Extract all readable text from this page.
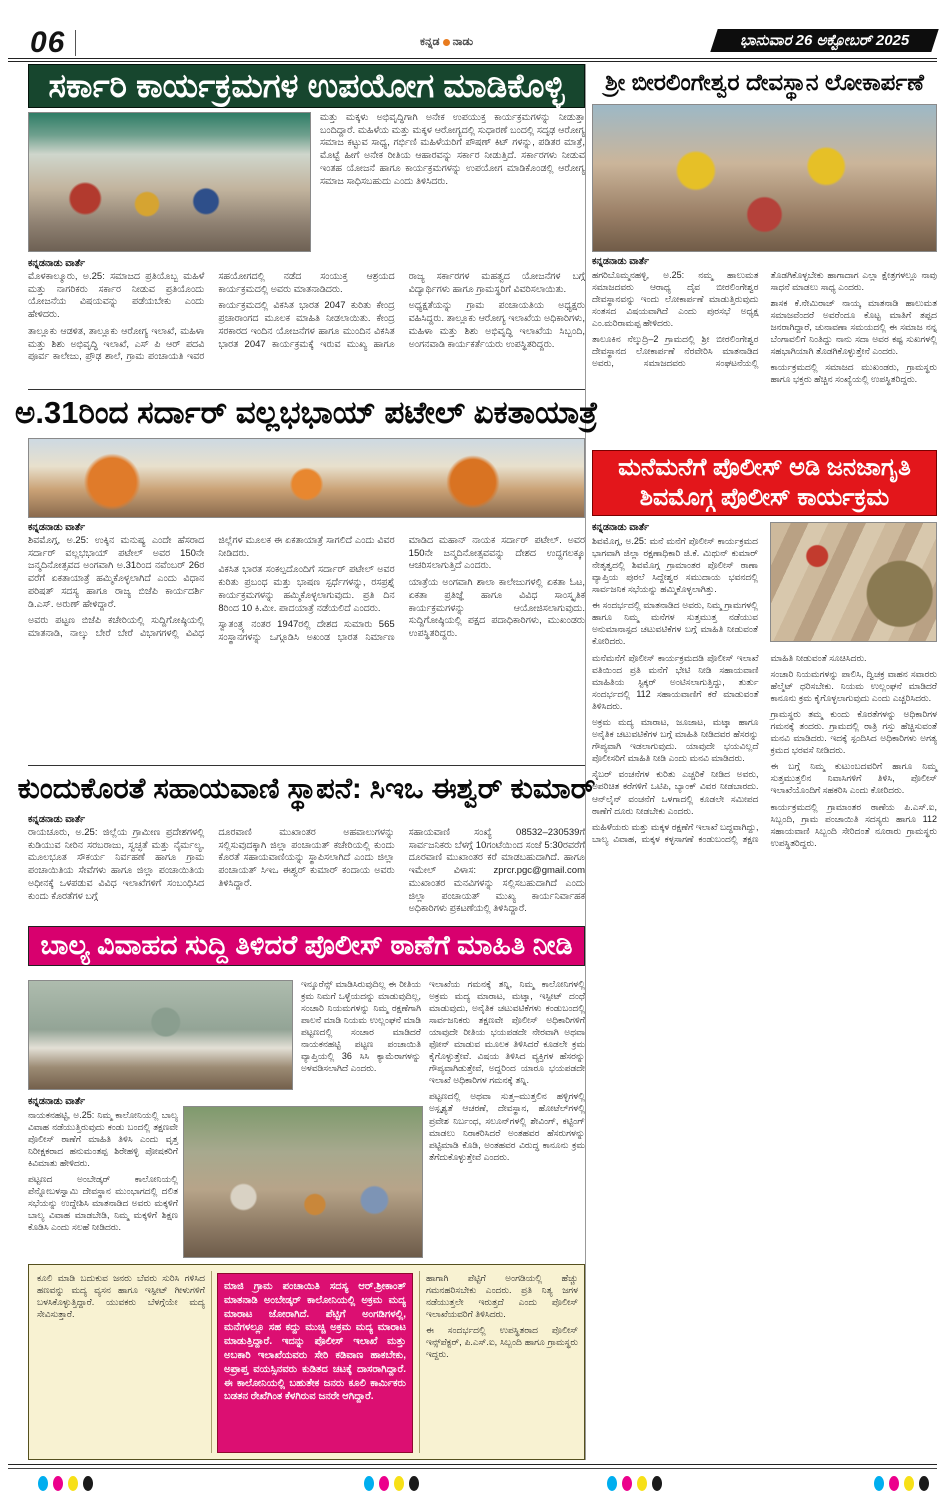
06	ಕನ್ನಡ ನಾಡು	ಭಾನುವಾರ 26 ಅಕ್ಟೋಬರ್ 2025
ಸರ್ಕಾರಿ ಕಾರ್ಯಕ್ರಮಗಳ ಉಪಯೋಗ ಮಾಡಿಕೊಳ್ಳಿ

ಮತ್ತು ಮಕ್ಕಳು ಅಭಿವೃದ್ಧಿಗಾಗಿ ಅನೇಕ ಉಪಯುಕ್ತ ಕಾರ್ಯಕ್ರಮಗಳನ್ನು ನೀಡುತ್ತಾ ಬಂದಿದ್ದಾರೆ. ಮಹಿಳೆಯ ಮತ್ತು ಮಕ್ಕಳ ಆರೋಗ್ಯದಲ್ಲಿ ಸುಧಾರಣೆ ಬಂದಲ್ಲಿ ಸದೃಢ ಆರೋಗ್ಯ ಸಮಾಜ ಕಟ್ಟುವ ಸಾಧ್ಯ, ಗರ್ಭಿಣಿ ಮಹಿಳೆಯರಿಗೆ ಪೌಷಣ್ ಕಿಟ್ ಗಳನ್ನು, ಪಡಿತರ ಮಾತ್ರೆ, ಮೊಟ್ಟೆ ಹೀಗೆ ಅನೇಕ ರೀತಿಯ ಆಹಾರವನ್ನು ಸರ್ಕಾರ ನೀಡುತ್ತಿದೆ. ಸರ್ಕಾರಗಳು ನೀಡುವ ಇಂತಹ ಯೋಜನೆ ಹಾಗೂ ಕಾರ್ಯಕ್ರಮಗಳನ್ನು ಉಪಯೋಗ ಮಾಡಿಕೊಂಡಲ್ಲಿ ಆರೋಗ್ಯ ಸಮಾಜ ಸಾಧಿಸಬಹುದು ಎಂದು ತಿಳಿಸಿದರು.

ಕನ್ನಡನಾಡು ವಾರ್ತೆ

ಮೊಳಕಾಲ್ಮೂರು, ಅ.25: ಸಮಾಜದ ಪ್ರತಿಯೊಬ್ಬ ಮಹಿಳೆ ಮತ್ತು ನಾಗರಿಕರು ಸರ್ಕಾರ ನೀಡುವ ಪ್ರತಿಯೊಂದು ಯೋಜನೆಯ ವಿಷಯವನ್ನು ಪಡೆಯಬೇಕು ಎಂದು ಹೇಳಿದರು.

ತಾಲ್ಲೂಕು ಆಡಳಿತ, ತಾಲ್ಲೂಕು ಆರೋಗ್ಯ ಇಲಾಖೆ, ಮಹಿಳಾ ಮತ್ತು ಶಿಶು ಅಭಿವೃದ್ಧಿ ಇಲಾಖೆ, ಎಸ್ ಪಿ ಆರ್ ಪದವಿ ಪೂರ್ವ ಕಾಲೇಜು, ಪ್ರೌಢ ಶಾಲೆ, ಗ್ರಾಮ ಪಂಚಾಯತಿ ಇವರ ಸಹಯೋಗದಲ್ಲಿ ನಡೆದ ಸಂಯುಕ್ತ ಆಶ್ರಯದ ಕಾರ್ಯಕ್ರಮದಲ್ಲಿ ಅವರು ಮಾತನಾಡಿದರು.

ಕಾರ್ಯಕ್ರಮದಲ್ಲಿ ವಿಕಸಿತ ಭಾರತ 2047 ಕುರಿತು ಕೇಂದ್ರ ಪ್ರಚಾರಾಂಗದ ಮೂಲಕ ಮಾಹಿತಿ ನೀಡಲಾಯಿತು. ಕೇಂದ್ರ ಸರಕಾರದ ಇಂದಿನ ಯೋಜನೆಗಳ ಹಾಗೂ ಮುಂದಿನ ವಿಕಸಿತ ಭಾರತ 2047 ಕಾರ್ಯಕ್ರಮಕ್ಕೆ ಇರುವ ಮುಖ್ಯ ಹಾಗೂ ರಾಜ್ಯ ಸರ್ಕಾರಗಳ ಮಹತ್ವದ ಯೋಜನೆಗಳ ಬಗ್ಗೆ ವಿದ್ಯಾರ್ಥಿಗಳು ಹಾಗೂ ಗ್ರಾಮಸ್ಥರಿಗೆ ವಿವರಿಸಲಾಯಿತು.

ಅಧ್ಯಕ್ಷತೆಯನ್ನು ಗ್ರಾಮ ಪಂಚಾಯತಿಯ ಅಧ್ಯಕ್ಷರು ವಹಿಸಿದ್ದರು. ತಾಲ್ಲೂಕು ಆರೋಗ್ಯ ಇಲಾಖೆಯ ಅಧಿಕಾರಿಗಳು, ಮಹಿಳಾ ಮತ್ತು ಶಿಶು ಅಭಿವೃದ್ಧಿ ಇಲಾಖೆಯ ಸಿಬ್ಬಂದಿ, ಅಂಗನವಾಡಿ ಕಾರ್ಯಕರ್ತೆಯರು ಉಪಸ್ಥಿತರಿದ್ದರು.

ಅ.31ರಿಂದ ಸರ್ದಾರ್ ವಲ್ಲಭಭಾಯ್ ಪಟೇಲ್ ಏಕತಾಯಾತ್ರೆ
ಕನ್ನಡನಾಡು ವಾರ್ತೆ

ಶಿವಮೊಗ್ಗ, ಅ.25: ಉಕ್ಕಿನ ಮನುಷ್ಯ ಎಂದೇ ಹೆಸರಾದ ಸರ್ದಾರ್ ವಲ್ಲಭಭಾಯ್ ಪಟೇಲ್ ಅವರ 150ನೇ ಜನ್ಮದಿನೋತ್ಸವದ ಅಂಗವಾಗಿ ಅ.31ರಿಂದ ನವೆಂಬರ್ 26ರ ವರೆಗೆ ಏಕತಾಯಾತ್ರೆ ಹಮ್ಮಿಕೊಳ್ಳಲಾಗಿದೆ ಎಂದು ವಿಧಾನ ಪರಿಷತ್ ಸದಸ್ಯ ಹಾಗೂ ರಾಜ್ಯ ಬಿಜೆಪಿ ಕಾರ್ಯದರ್ಶಿ ಡಿ.ಎಸ್. ಅರುಣ್ ಹೇಳಿದ್ದಾರೆ.

ಅವರು ಪಟ್ಟಣ ಬಿಜೆಪಿ ಕಚೇರಿಯಲ್ಲಿ ಸುದ್ದಿಗೋಷ್ಠಿಯಲ್ಲಿ ಮಾತನಾಡಿ, ನಾಲ್ಕು ಬೇರೆ ಬೇರೆ ವಿಭಾಗಗಳಲ್ಲಿ ವಿವಿಧ ಜಿಲ್ಲೆಗಳ ಮೂಲಕ ಈ ಏಕತಾಯಾತ್ರೆ ಸಾಗಲಿದೆ ಎಂದು ವಿವರ ನೀಡಿದರು.

ವಿಕಸಿತ ಭಾರತ ಸಂಕಲ್ಪದೊಂದಿಗೆ ಸರ್ದಾರ್ ಪಟೇಲ್ ಅವರ ಕುರಿತು ಪ್ರಬಂಧ ಮತ್ತು ಭಾಷಣ ಸ್ಪರ್ಧೆಗಳನ್ನು, ರಸಪ್ರಶ್ನೆ ಕಾರ್ಯಕ್ರಮಗಳನ್ನು ಹಮ್ಮಿಕೊಳ್ಳಲಾಗುವುದು. ಪ್ರತಿ ದಿನ 8ರಿಂದ 10 ಕಿ.ಮೀ. ಪಾದಯಾತ್ರೆ ನಡೆಯಲಿದೆ ಎಂದರು.

ಸ್ವಾತಂತ್ರ್ಯ ನಂತರ 1947ರಲ್ಲಿ ದೇಶದ ಸುಮಾರು 565 ಸಂಸ್ಥಾನಗಳನ್ನು ಒಗ್ಗೂಡಿಸಿ ಅಖಂಡ ಭಾರತ ನಿರ್ಮಾಣ ಮಾಡಿದ ಮಹಾನ್ ನಾಯಕ ಸರ್ದಾರ್ ಪಟೇಲ್. ಅವರ 150ನೇ ಜನ್ಮದಿನೋತ್ಸವವನ್ನು ದೇಶದ ಉದ್ದಗಲಕ್ಕೂ ಆಚರಿಸಲಾಗುತ್ತಿದೆ ಎಂದರು.

ಯಾತ್ರೆಯ ಅಂಗವಾಗಿ ಶಾಲಾ ಕಾಲೇಜುಗಳಲ್ಲಿ ಏಕತಾ ಓಟ, ಏಕತಾ ಪ್ರತಿಜ್ಞೆ ಹಾಗೂ ವಿವಿಧ ಸಾಂಸ್ಕೃತಿಕ ಕಾರ್ಯಕ್ರಮಗಳನ್ನು ಆಯೋಜಿಸಲಾಗುವುದು. ಸುದ್ದಿಗೋಷ್ಠಿಯಲ್ಲಿ ಪಕ್ಷದ ಪದಾಧಿಕಾರಿಗಳು, ಮುಖಂಡರು ಉಪಸ್ಥಿತರಿದ್ದರು.

ಕುಂದುಕೊರತೆ ಸಹಾಯವಾಣಿ ಸ್ಥಾಪನೆ: ಸಿಇಒ ಈಶ್ವರ್ ಕುಮಾರ್
ಕನ್ನಡನಾಡು ವಾರ್ತೆ

ರಾಯಚೂರು, ಅ.25: ಜಿಲ್ಲೆಯ ಗ್ರಾಮೀಣ ಪ್ರದೇಶಗಳಲ್ಲಿ ಕುಡಿಯುವ ನೀರಿನ ಸರಬರಾಜು, ಸ್ವಚ್ಛತೆ ಮತ್ತು ನೈರ್ಮಲ್ಯ, ಮೂಲಭೂತ ಸೌಕರ್ಯ ನಿರ್ವಹಣೆ ಹಾಗೂ ಗ್ರಾಮ ಪಂಚಾಯಿತಿಯ ಸೇವೆಗಳು ಹಾಗೂ ಜಿಲ್ಲಾ ಪಂಚಾಯಿತಿಯ ಅಧೀನಕ್ಕೆ ಒಳಪಡುವ ವಿವಿಧ ಇಲಾಖೆಗಳಿಗೆ ಸಂಬಂಧಿಸಿದ ಕುಂದು ಕೊರತೆಗಳ ಬಗ್ಗೆ

ದೂರವಾಣಿ ಮುಖಾಂತರ ಅಹವಾಲುಗಳನ್ನು ಸಲ್ಲಿಸುವುದಕ್ಕಾಗಿ ಜಿಲ್ಲಾ ಪಂಚಾಯತ್ ಕಚೇರಿಯಲ್ಲಿ ಕುಂದು ಕೊರತೆ ಸಹಾಯವಾಣಿಯನ್ನು ಸ್ಥಾಪಿಸಲಾಗಿದೆ ಎಂದು ಜಿಲ್ಲಾ ಪಂಚಾಯತ್ ಸಿಇಒ ಈಶ್ವರ್ ಕುಮಾರ್ ಕಂದಾಯ ಅವರು ತಿಳಿಸಿದ್ದಾರೆ.

ಸಹಾಯವಾಣಿ ಸಂಖ್ಯೆ 08532–230539ಗೆ ಸಾರ್ವಜನಿಕರು ಬೆಳಗ್ಗೆ 10ಗಂಟೆಯಿಂದ ಸಂಜೆ 5:30ರವರೆಗೆ ದೂರವಾಣಿ ಮುಖಾಂತರ ಕರೆ ಮಾಡಬಹುದಾಗಿದೆ. ಹಾಗೂ ಇಮೇಲ್ ವಿಳಾಸ: zprcr.pgc@gmail.com ಮುಖಾಂತರ ಮನವಿಗಳನ್ನು ಸಲ್ಲಿಸಬಹುದಾಗಿದೆ ಎಂದು ಜಿಲ್ಲಾ ಪಂಚಾಯತ್ ಮುಖ್ಯ ಕಾರ್ಯನಿರ್ವಾಹಕ ಅಧಿಕಾರಿಗಳು ಪ್ರಕಟಣೆಯಲ್ಲಿ ತಿಳಿಸಿದ್ದಾರೆ.

ಬಾಲ್ಯ ವಿವಾಹದ ಸುದ್ದಿ ತಿಳಿದರೆ ಪೊಲೀಸ್ ಠಾಣೆಗೆ ಮಾಹಿತಿ ನೀಡಿ

ಇನ್ಶೂರೆನ್ಸ್ ಮಾಡಿಸಿರುವುದಿಲ್ಲ ಈ ರೀತಿಯ ಕ್ರಮ ನಿಮಗೆ ಒಳ್ಳೆಯದನ್ನು ಮಾಡುವುದಿಲ್ಲ, ಸಂಚಾರಿ ನಿಯಮಗಳನ್ನು ನಿಮ್ಮ ರಕ್ಷಣೆಗಾಗಿ ಪಾಲನೆ ಮಾಡಿ ನಿಯಮ ಉಲ್ಲಂಘನೆ ಮಾಡಿ ಪಟ್ಟಣದಲ್ಲಿ ಸಂಚಾರ ಮಾಡಿದರೆ ನಾಯಕನಹಟ್ಟಿ ಪಟ್ಟಣ ಪಂಚಾಯಿತಿ ವ್ಯಾಪ್ತಿಯಲ್ಲಿ 36 ಸಿಸಿ ಕ್ಯಾಮೆರಾಗಳನ್ನು ಅಳವಡಿಸಲಾಗಿದೆ ಎಂದರು.

ಇಲಾಖೆಯ ಗಮನಕ್ಕೆ ತನ್ನಿ, ನಿಮ್ಮ ಕಾಲೋನಿಗಳಲ್ಲಿ ಅಕ್ರಮ ಮದ್ಯ ಮಾರಾಟ, ಮಟ್ಕಾ, ಇಸ್ಪೀಟ್ ದಂಧೆ ಮಾಡುವುದು, ಅನೈತಿಕ ಚಟುವಟಿಕೆಗಳು ಕಂಡುಬಂದಲ್ಲಿ ಸಾರ್ವಜನಿಕರು ತಕ್ಷಣವೇ ಪೊಲೀಸ್ ಅಧಿಕಾರಿಗಳಿಗೆ ಯಾವುದೇ ರೀತಿಯ ಭಯಪಡದೇ ನೇರವಾಗಿ ಅಥವಾ ಫೋನ್ ಮಾಡುವ ಮೂಲಕ ತಿಳಿಸಿದರೆ ಕೂಡಲೇ ಕ್ರಮ ಕೈಗೊಳ್ಳುತ್ತೇವೆ. ವಿಷಯ ತಿಳಿಸಿದ ವ್ಯಕ್ತಿಗಳ ಹೆಸರನ್ನು ಗೌಪ್ಯವಾಗಿಡುತ್ತೇವೆ, ಅದ್ದರಿಂದ ಯಾರೂ ಭಯಪಡದೇ ಇಲಾಖೆ ಅಧಿಕಾರಿಗಳ ಗಮನಕ್ಕೆ ತನ್ನಿ.

ಪಟ್ಟಣದಲ್ಲಿ ಅಥವಾ ಸುತ್ತ–ಮುತ್ತಲಿನ ಹಳ್ಳಿಗಳಲ್ಲಿ ಅಸ್ಪೃಶ್ಯತೆ ಆಚರಣೆ, ದೇವಸ್ಥಾನ, ಹೋಟೆಲ್‌ಗಳಲ್ಲಿ ಪ್ರವೇಶ ನಿರ್ಬಂಧ, ಸಲೂನ್‌ಗಳಲ್ಲಿ ಶೇವಿಂಗ್, ಕಟ್ಟಿಂಗ್ ಮಾಡಲು ನಿರಾಕರಿಸಿದರೆ ಅಂತಹವರ ಹೆಸರುಗಳನ್ನು ಪಟ್ಟಿಮಾಡಿ ಕೊಡಿ, ಅಂತಹವರ ವಿರುದ್ಧ ಕಾನೂನು ಕ್ರಮ ತೆಗೆದುಕೊಳ್ಳುತ್ತೇವೆ ಎಂದರು.

ಕನ್ನಡನಾಡು ವಾರ್ತೆ

ನಾಯಕನಹಟ್ಟಿ, ಅ.25: ನಿಮ್ಮ ಕಾಲೋನಿಯಲ್ಲಿ ಬಾಲ್ಯ ವಿವಾಹ ನಡೆಯುತ್ತಿರುವುದು ಕಂಡು ಬಂದಲ್ಲಿ ತಕ್ಷಣವೇ ಪೊಲೀಸ್ ಠಾಣೆಗೆ ಮಾಹಿತಿ ತಿಳಿಸಿ ಎಂದು ವೃತ್ತ ನಿರೀಕ್ಷಕರಾದ ಹನುಮಂತಪ್ಪ ಶಿರೇಹಳ್ಳಿ ಪೋಷಕರಿಗೆ ಕಿವಿಮಾತು ಹೇಳಿದರು.

ಪಟ್ಟಣದ ಅಂಬೇಡ್ಕರ್ ಕಾಲೋನಿಯಲ್ಲಿ ಪೆನ್ನೋಬಳಸ್ವಾಮಿ ದೇವಸ್ಥಾನ ಮುಂಭಾಗದಲ್ಲಿ ದಲಿತ ಸಭೆಯನ್ನು ಉದ್ದೇಶಿಸಿ ಮಾತನಾಡಿದ ಅವರು ಮಕ್ಕಳಿಗೆ ಬಾಲ್ಯ ವಿವಾಹ ಮಾಡಬೇಡಿ, ನಿಮ್ಮ ಮಕ್ಕಳಿಗೆ ಶಿಕ್ಷಣ ಕೊಡಿಸಿ ಎಂದು ಸಲಹೆ ನೀಡಿದರು.

ಕೂಲಿ ಮಾಡಿ ಬದುಕುವ ಜನರು ಬೆವರು ಸುರಿಸಿ ಗಳಿಸಿದ ಹಣವನ್ನು ಮದ್ಯ ವ್ಯಸನ ಹಾಗೂ ಇಸ್ಪೀಟ್ ಗೀಳುಗಳಿಗೆ ಬಳಸಿಕೊಳ್ಳುತ್ತಿದ್ದಾರೆ. ಯುವಕರು ಬೆಳಗ್ಗೆಯೇ ಮದ್ಯ ಸೇವಿಸುತ್ತಾರೆ.

ಮಾಜಿ ಗ್ರಾಮ ಪಂಚಾಯಿತಿ ಸದಸ್ಯ ಆರ್.ಶ್ರೀಕಾಂತ್ ಮಾತನಾಡಿ ಅಂಬೇಡ್ಕರ್ ಕಾಲೋನಿಯಲ್ಲಿ ಅಕ್ರಮ ಮದ್ಯ ಮಾರಾಟ ಜೋರಾಗಿದೆ. ಪೆಟ್ಟಿಗೆ ಅಂಗಡಿಗಳಲ್ಲಿ, ಮನೆಗಳಲ್ಲೂ ಸಹ ಕದ್ದು ಮುಚ್ಚಿ ಅಕ್ರಮ ಮದ್ಯ ಮಾರಾಟ ಮಾಡುತ್ತಿದ್ದಾರೆ. ಇದನ್ನು ಪೊಲೀಸ್ ಇಲಾಖೆ ಮತ್ತು ಅಬಕಾರಿ ಇಲಾಖೆಯವರು ಸೇರಿ ಕಡಿವಾಣ ಹಾಕಬೇಕು, ಅಪ್ರಾಪ್ತ ವಯಸ್ಸಿನವರು ಕುಡಿತದ ಚಟಕ್ಕೆ ದಾಸರಾಗಿದ್ದಾರೆ. ಈ ಕಾಲೋನಿಯಲ್ಲಿ ಬಹುತೇಕ ಜನರು ಕೂಲಿ ಕಾರ್ಮಿಕರು ಬಡತನ ರೇಖೆಗಿಂತ ಕೆಳಗಿರುವ ಜನರೇ ಆಗಿದ್ದಾರೆ.

ಹಾಗಾಗಿ ಪೆಟ್ಟಿಗೆ ಅಂಗಡಿಯಲ್ಲಿ ಹೆಚ್ಚು ಗಮನಹರಿಸಬೇಕು ಎಂದರು. ಪ್ರತಿ ನಿತ್ಯ ಜಗಳ ನಡೆಯುತ್ತಲೇ ಇರುತ್ತದೆ ಎಂದು ಪೊಲೀಸ್ ಇಲಾಖೆಯವರಿಗೆ ತಿಳಿಸಿದರು.

ಈ ಸಂದರ್ಭದಲ್ಲಿ ಉಪಸ್ಥಿತರಾದ ಪೊಲೀಸ್ ಇನ್ಸ್‌ಪೆಕ್ಟರ್, ಪಿ.ಎಸ್.ಐ, ಸಿಬ್ಬಂದಿ ಹಾಗೂ ಗ್ರಾಮಸ್ಥರು ಇದ್ದರು.

ಶ್ರೀ ಬೀರಲಿಂಗೇಶ್ವರ ದೇವಸ್ಥಾನ ಲೋಕಾರ್ಪಣೆ
ಕನ್ನಡನಾಡು ವಾರ್ತೆ

ಹಗರಿಬೊಮ್ಮನಹಳ್ಳಿ, ಅ.25: ನಮ್ಮ ಹಾಲುಮತ ಸಮಾಜದವರು ಆರಾಧ್ಯ ದೈವ ಬೀರಲಿಂಗೇಶ್ವರ ದೇವಸ್ಥಾನವನ್ನು ಇಂದು ಲೋಕಾರ್ಪಣೆ ಮಾಡುತ್ತಿರುವುದು ಸಂತಸದ ವಿಷಯವಾಗಿದೆ ಎಂದು ಪುರಸಭೆ ಅಧ್ಯಕ್ಷ ಎಂ.ಮರಿರಾಮಪ್ಪ ಹೇಳಿದರು.

ತಾಲೂಕಿನ ನೆಲ್ಕುದ್ರಿ–2 ಗ್ರಾಮದಲ್ಲಿ ಶ್ರೀ ಬೀರಲಿಂಗೇಶ್ವರ ದೇವಸ್ಥಾನದ ಲೋಕಾರ್ಪಣೆ ನೆರವೇರಿಸಿ ಮಾತನಾಡಿದ ಅವರು, ಸಮಾಜದವರು ಸಂಘಟನೆಯಲ್ಲಿ ತೊಡಗಿಕೊಳ್ಳಬೇಕು ಹಾಗಾದಾಗ ಎಲ್ಲಾ ಕ್ಷೇತ್ರಗಳಲ್ಲೂ ನಾವು ಸಾಧನೆ ಮಾಡಲು ಸಾಧ್ಯ ಎಂದರು.

ಶಾಸಕ ಕೆ.ನೇಮಿರಾಜ್ ನಾಯ್ಕ ಮಾತನಾಡಿ ಹಾಲುಮತ ಸಮಾಜವೆಂದರೆ ಅವರೆಂದೂ ಕೊಟ್ಟ ಮಾತಿಗೆ ತಪ್ಪದ ಜನರಾಗಿದ್ದಾರೆ, ಚುನಾವಣಾ ಸಮಯದಲ್ಲಿ ಈ ಸಮಾಜ ನನ್ನ ಬೆಂಗಾವಲಿಗೆ ನಿಂತಿದ್ದು ನಾನು ಸದಾ ಅವರ ಕಷ್ಟ ಸುಖಗಳಲ್ಲಿ ಸಹಭಾಗಿಯಾಗಿ ತೊಡಗಿಕೊಳ್ಳುತ್ತೇನೆ ಎಂದರು.

ಕಾರ್ಯಕ್ರಮದಲ್ಲಿ ಸಮಾಜದ ಮುಖಂಡರು, ಗ್ರಾಮಸ್ಥರು ಹಾಗೂ ಭಕ್ತರು ಹೆಚ್ಚಿನ ಸಂಖ್ಯೆಯಲ್ಲಿ ಉಪಸ್ಥಿತರಿದ್ದರು.

ಮನೆಮನೆಗೆ ಪೊಲೀಸ್ ಅಡಿ ಜನಜಾಗೃತಿ
ಶಿವಮೊಗ್ಗ ಪೊಲೀಸ್ ಕಾರ್ಯಕ್ರಮ
ಕನ್ನಡನಾಡು ವಾರ್ತೆ

ಶಿವಮೊಗ್ಗ, ಅ.25: ಮನೆ ಮನೆಗೆ ಪೊಲೀಸ್ ಕಾರ್ಯಕ್ರಮದ ಭಾಗವಾಗಿ ಜಿಲ್ಲಾ ರಕ್ಷಣಾಧಿಕಾರಿ ಜಿ.ಕೆ. ಮಿಥುನ್ ಕುಮಾರ್ ನೇತೃತ್ವದಲ್ಲಿ ಶಿವಮೊಗ್ಗ ಗ್ರಾಮಾಂತರ ಪೊಲೀಸ್ ಠಾಣಾ ವ್ಯಾಪ್ತಿಯ ಪುರಲೆ ಸಿದ್ದೇಶ್ವರ ಸಮುದಾಯ ಭವನದಲ್ಲಿ ಸಾರ್ವಜನಿಕ ಸಭೆಯನ್ನು ಹಮ್ಮಿಕೊಳ್ಳಲಾಗಿತ್ತು.

ಈ ಸಂದರ್ಭದಲ್ಲಿ ಮಾತನಾಡಿದ ಅವರು, ನಿಮ್ಮ ಗ್ರಾಮಗಳಲ್ಲಿ ಹಾಗೂ ನಿಮ್ಮ ಮನೆಗಳ ಸುತ್ತಮುತ್ತ ನಡೆಯುವ ಅನುಮಾನಾಸ್ಪದ ಚಟುವಟಿಕೆಗಳ ಬಗ್ಗೆ ಮಾಹಿತಿ ನೀಡುವಂತೆ ಕೋರಿದರು.

ಮನೆಮನೆಗೆ ಪೊಲೀಸ್ ಕಾರ್ಯಕ್ರಮದಡಿ ಪೊಲೀಸ್ ಇಲಾಖೆ ವತಿಯಿಂದ ಪ್ರತಿ ಮನೆಗೆ ಭೇಟಿ ನೀಡಿ ಸಹಾಯವಾಣಿ ಮಾಹಿತಿಯ ಸ್ಟಿಕ್ಕರ್ ಅಂಟಿಸಲಾಗುತ್ತಿದ್ದು, ತುರ್ತು ಸಂದರ್ಭದಲ್ಲಿ 112 ಸಹಾಯವಾಣಿಗೆ ಕರೆ ಮಾಡುವಂತೆ ತಿಳಿಸಿದರು.

ಅಕ್ರಮ ಮದ್ಯ ಮಾರಾಟ, ಜೂಜಾಟ, ಮಟ್ಕಾ ಹಾಗೂ ಅನೈತಿಕ ಚಟುವಟಿಕೆಗಳ ಬಗ್ಗೆ ಮಾಹಿತಿ ನೀಡಿದವರ ಹೆಸರನ್ನು ಗೌಪ್ಯವಾಗಿ ಇಡಲಾಗುವುದು. ಯಾವುದೇ ಭಯವಿಲ್ಲದೆ ಪೊಲೀಸರಿಗೆ ಮಾಹಿತಿ ನೀಡಿ ಎಂದು ಮನವಿ ಮಾಡಿದರು.

ಸೈಬರ್ ವಂಚನೆಗಳ ಕುರಿತು ಎಚ್ಚರಿಕೆ ನೀಡಿದ ಅವರು, ಅಪರಿಚಿತ ಕರೆಗಳಿಗೆ ಒಟಿಪಿ, ಬ್ಯಾಂಕ್ ವಿವರ ನೀಡಬಾರದು. ಆನ್‌ಲೈನ್ ವಂಚನೆಗೆ ಒಳಗಾದಲ್ಲಿ ಕೂಡಲೇ ಸಮೀಪದ ಠಾಣೆಗೆ ದೂರು ನೀಡಬೇಕು ಎಂದರು.

ಮಹಿಳೆಯರು ಮತ್ತು ಮಕ್ಕಳ ರಕ್ಷಣೆಗೆ ಇಲಾಖೆ ಬದ್ಧವಾಗಿದ್ದು, ಬಾಲ್ಯ ವಿವಾಹ, ಮಕ್ಕಳ ಕಳ್ಳಸಾಗಣೆ ಕಂಡುಬಂದಲ್ಲಿ ತಕ್ಷಣ ಮಾಹಿತಿ ನೀಡುವಂತೆ ಸೂಚಿಸಿದರು.

ಸಂಚಾರಿ ನಿಯಮಗಳನ್ನು ಪಾಲಿಸಿ, ದ್ವಿಚಕ್ರ ವಾಹನ ಸವಾರರು ಹೆಲ್ಮೆಟ್ ಧರಿಸಬೇಕು. ನಿಯಮ ಉಲ್ಲಂಘನೆ ಮಾಡಿದರೆ ಕಾನೂನು ಕ್ರಮ ಕೈಗೊಳ್ಳಲಾಗುವುದು ಎಂದು ಎಚ್ಚರಿಸಿದರು.

ಗ್ರಾಮಸ್ಥರು ತಮ್ಮ ಕುಂದು ಕೊರತೆಗಳನ್ನು ಅಧಿಕಾರಿಗಳ ಗಮನಕ್ಕೆ ತಂದರು. ಗ್ರಾಮದಲ್ಲಿ ರಾತ್ರಿ ಗಸ್ತು ಹೆಚ್ಚಿಸುವಂತೆ ಮನವಿ ಮಾಡಿದರು. ಇದಕ್ಕೆ ಸ್ಪಂದಿಸಿದ ಅಧಿಕಾರಿಗಳು ಅಗತ್ಯ ಕ್ರಮದ ಭರವಸೆ ನೀಡಿದರು.

ಈ ಬಗ್ಗೆ ನಿಮ್ಮ ಕುಟುಂಬದವರಿಗೆ ಹಾಗೂ ನಿಮ್ಮ ಸುತ್ತಮುತ್ತಲಿನ ನಿವಾಸಿಗಳಿಗೆ ತಿಳಿಸಿ, ಪೊಲೀಸ್ ಇಲಾಖೆಯೊಂದಿಗೆ ಸಹಕರಿಸಿ ಎಂದು ಕೋರಿದರು.

ಕಾರ್ಯಕ್ರಮದಲ್ಲಿ ಗ್ರಾಮಾಂತರ ಠಾಣೆಯ ಪಿ.ಎಸ್.ಐ, ಸಿಬ್ಬಂದಿ, ಗ್ರಾಮ ಪಂಚಾಯಿತಿ ಸದಸ್ಯರು ಹಾಗೂ 112 ಸಹಾಯವಾಣಿ ಸಿಬ್ಬಂದಿ ಸೇರಿದಂತೆ ನೂರಾರು ಗ್ರಾಮಸ್ಥರು ಉಪಸ್ಥಿತರಿದ್ದರು.
